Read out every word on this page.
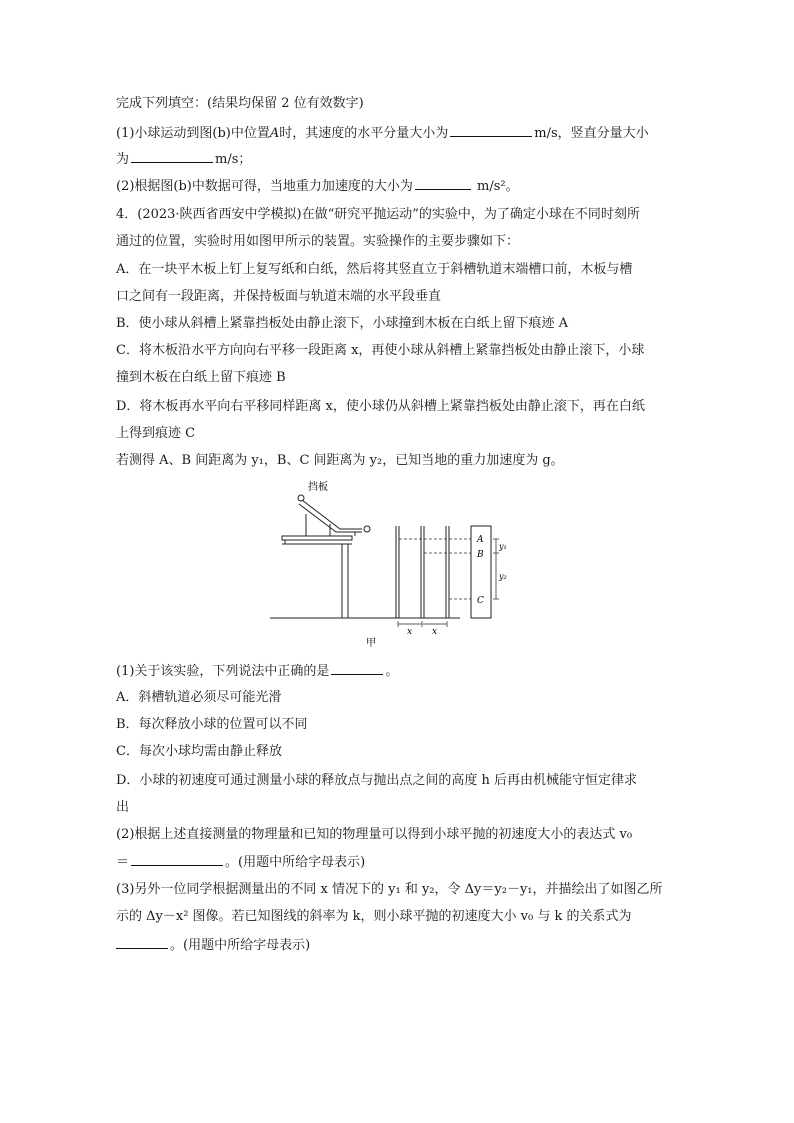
完成下列填空：(结果均保留 2 位有效数字)
(1)小球运动到图(b)中位置A时，其速度的水平分量大小为	m/s，竖直分量大小
为	m/s；
(2)根据图(b)中数据可得，当地重力加速度的大小为	m/s²。
4．(2023·陕西省西安中学模拟)在做“研究平抛运动”的实验中，为了确定小球在不同时刻所
通过的位置，实验时用如图甲所示的装置。实验操作的主要步骤如下：
A．在一块平木板上钉上复写纸和白纸，然后将其竖直立于斜槽轨道末端槽口前，木板与槽
口之间有一段距离，并保持板面与轨道末端的水平段垂直
B．使小球从斜槽上紧靠挡板处由静止滚下，小球撞到木板在白纸上留下痕迹 A
C．将木板沿水平方向向右平移一段距离 x，再使小球从斜槽上紧靠挡板处由静止滚下，小球
撞到木板在白纸上留下痕迹 B
D．将木板再水平向右平移同样距离 x，使小球仍从斜槽上紧靠挡板处由静止滚下，再在白纸
上得到痕迹 C
若测得 A、B 间距离为 y₁，B、C 间距离为 y₂，已知当地的重力加速度为 g。
挡板
A
B
C
y₁
y₂
x x
甲
(1)关于该实验，下列说法中正确的是	。
A．斜槽轨道必须尽可能光滑
B．每次释放小球的位置可以不同
C．每次小球均需由静止释放
D．小球的初速度可通过测量小球的释放点与抛出点之间的高度 h 后再由机械能守恒定律求
出
(2)根据上述直接测量的物理量和已知的物理量可以得到小球平抛的初速度大小的表达式 v₀
＝	。(用题中所给字母表示)
(3)另外一位同学根据测量出的不同 x 情况下的 y₁ 和 y₂，令 Δy＝y₂－y₁，并描绘出了如图乙所
示的 Δy－x² 图像。若已知图线的斜率为 k，则小球平抛的初速度大小 v₀ 与 k 的关系式为
。(用题中所给字母表示)
